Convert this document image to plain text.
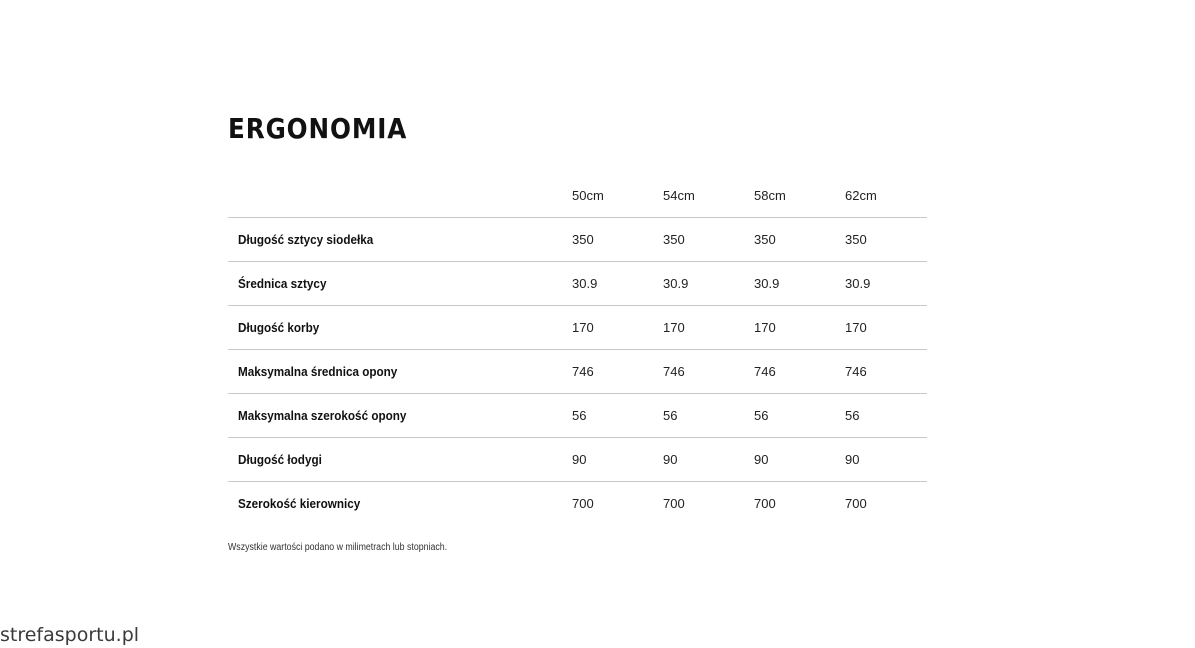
ERGONOMIA
	50cm	54cm	58cm	62cm
Długość sztycy siodełka	350	350	350	350
Średnica sztycy	30.9	30.9	30.9	30.9
Długość korby	170	170	170	170
Maksymalna średnica opony	746	746	746	746
Maksymalna szerokość opony	56	56	56	56
Długość łodygi	90	90	90	90
Szerokość kierownicy	700	700	700	700
Wszystkie wartości podano w milimetrach lub stopniach.
strefasportu.pl
